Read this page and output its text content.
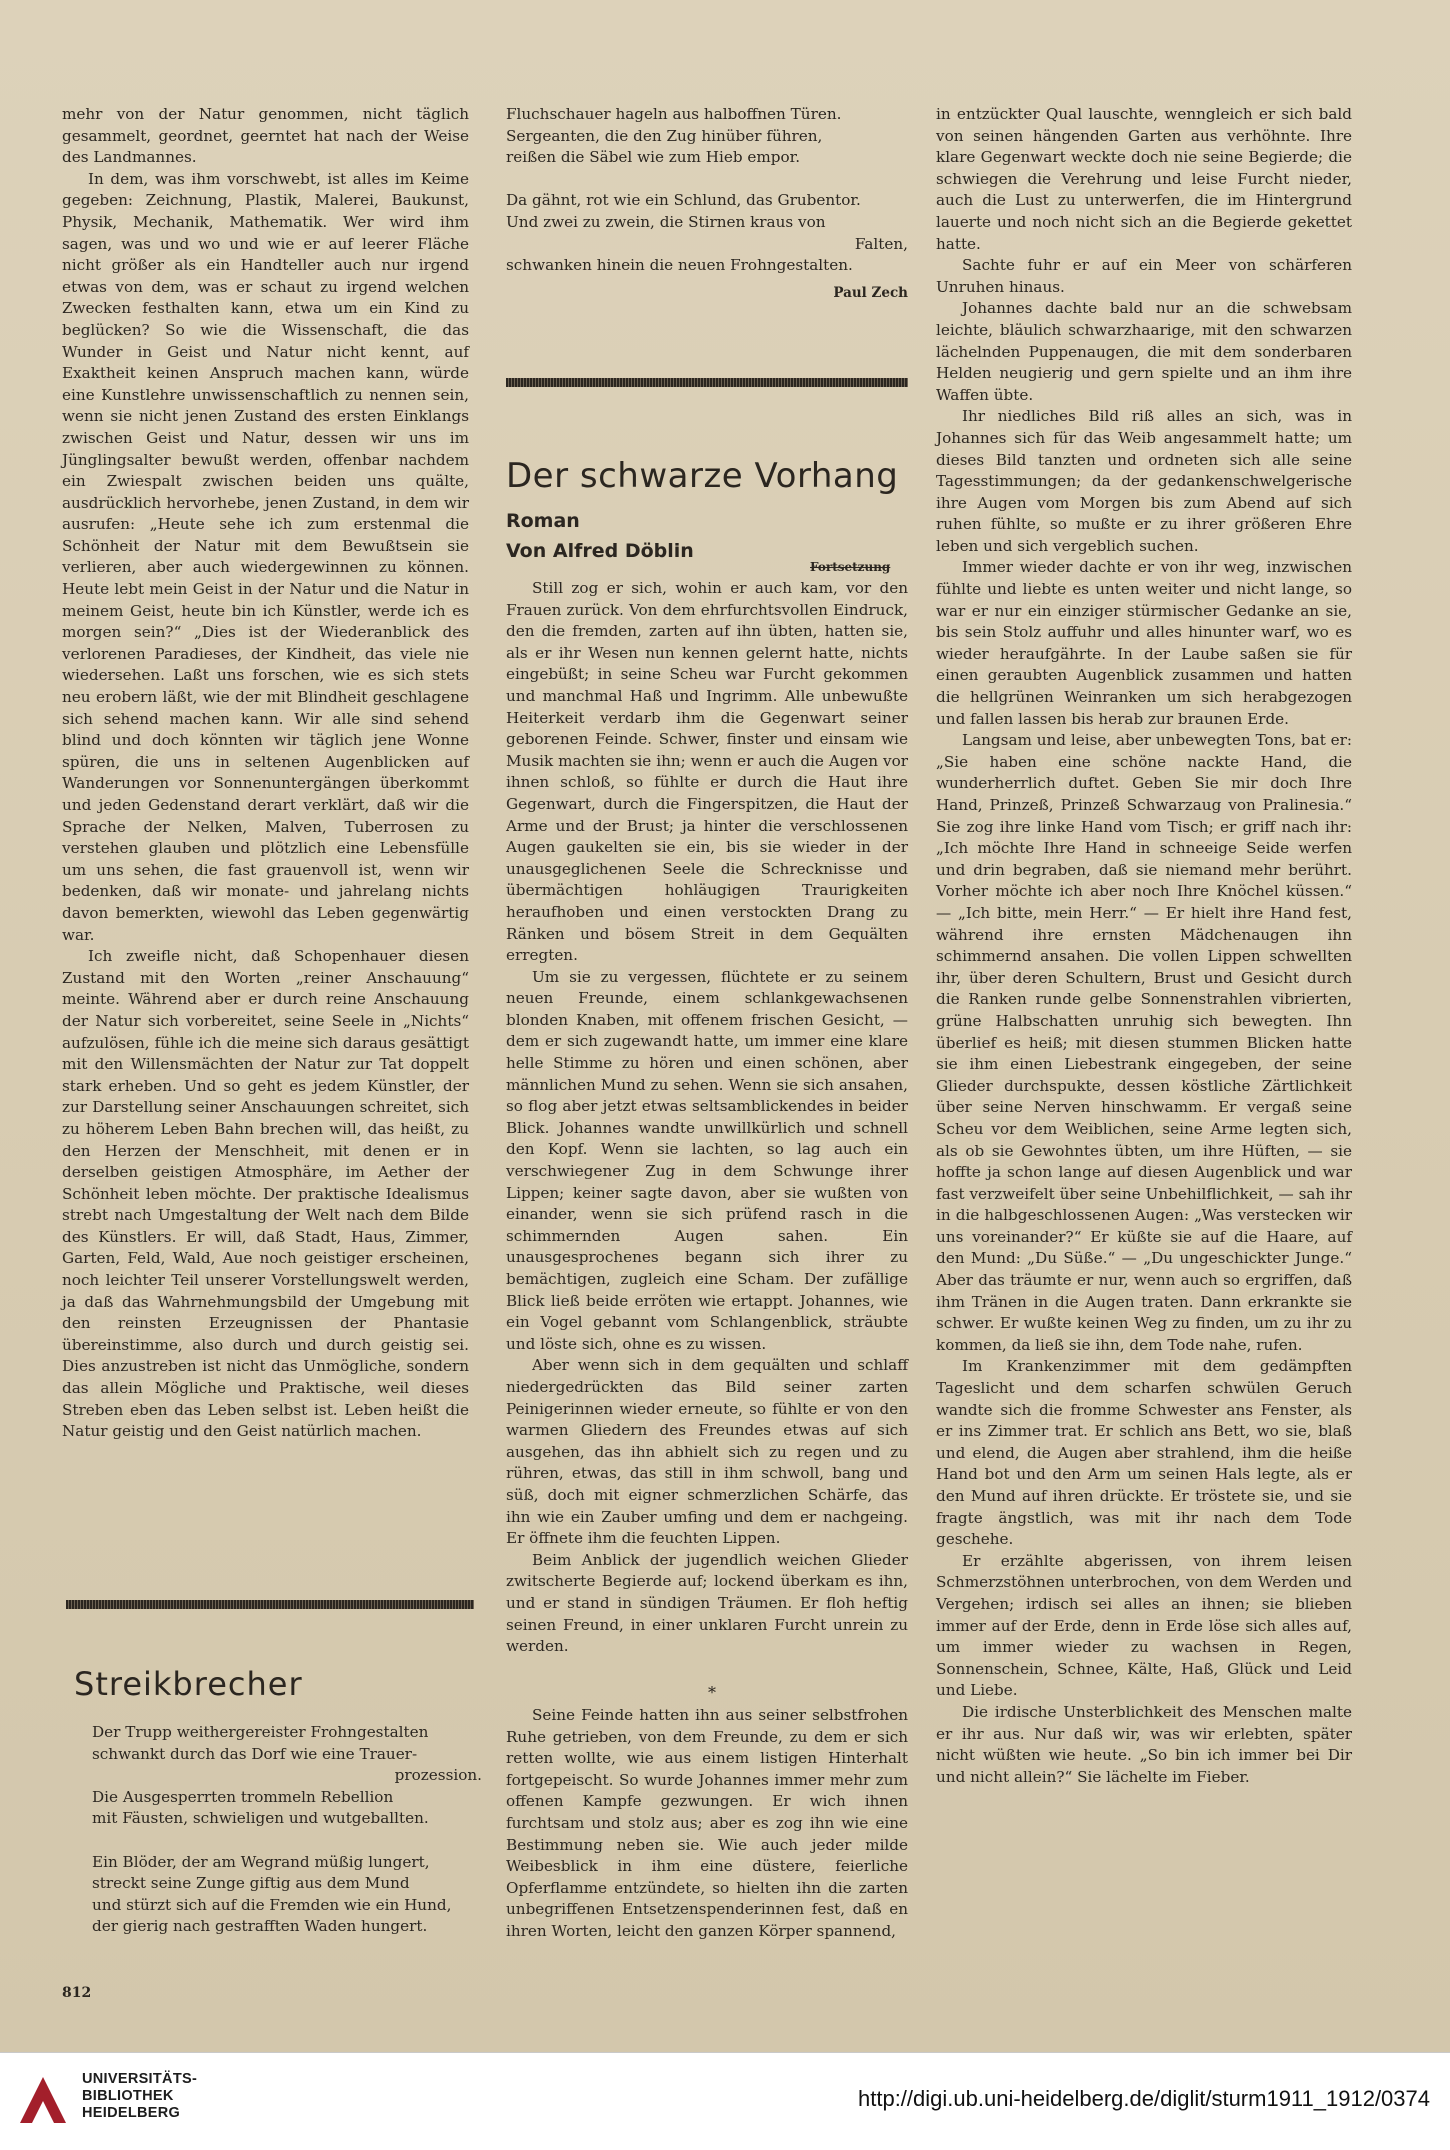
mehr von der Natur genommen, nicht täglich gesammelt, geordnet, geerntet hat nach der Weise des Landmannes.

In dem, was ihm vorschwebt, ist alles im Keime gegeben: Zeichnung, Plastik, Malerei, Baukunst, Physik, Mechanik, Mathematik. Wer wird ihm sagen, was und wo und wie er auf leerer Fläche nicht größer als ein Handteller auch nur irgend etwas von dem, was er schaut zu irgend welchen Zwecken festhalten kann, etwa um ein Kind zu beglücken? So wie die Wissenschaft, die das Wunder in Geist und Natur nicht kennt, auf Exaktheit keinen Anspruch machen kann, würde eine Kunstlehre unwissenschaftlich zu nennen sein, wenn sie nicht jenen Zustand des ersten Einklangs zwischen Geist und Natur, dessen wir uns im Jünglingsalter bewußt werden, offenbar nachdem ein Zwiespalt zwischen beiden uns quälte, ausdrücklich hervorhebe, jenen Zustand, in dem wir ausrufen: „Heute sehe ich zum erstenmal die Schönheit der Natur mit dem Bewußtsein sie verlieren, aber auch wiedergewinnen zu können. Heute lebt mein Geist in der Natur und die Natur in meinem Geist, heute bin ich Künstler, werde ich es morgen sein?“ „Dies ist der Wiederanblick des verlorenen Paradieses, der Kindheit, das viele nie wiedersehen. Laßt uns forschen, wie es sich stets neu erobern läßt, wie der mit Blindheit geschlagene sich sehend machen kann. Wir alle sind sehend blind und doch könnten wir täglich jene Wonne spüren, die uns in seltenen Augenblicken auf Wanderungen vor Sonnenuntergängen überkommt und jeden Gedenstand derart verklärt, daß wir die Sprache der Nelken, Malven, Tuberrosen zu verstehen glauben und plötzlich eine Lebensfülle um uns sehen, die fast grauenvoll ist, wenn wir bedenken, daß wir monate- und jahrelang nichts davon bemerkten, wiewohl das Leben gegenwärtig war.

Ich zweifle nicht, daß Schopenhauer diesen Zustand mit den Worten „reiner Anschauung“ meinte. Während aber er durch reine Anschauung der Natur sich vorbereitet, seine Seele in „Nichts“ aufzulösen, fühle ich die meine sich daraus gesättigt mit den Willensmächten der Natur zur Tat doppelt stark erheben. Und so geht es jedem Künstler, der zur Darstellung seiner Anschauungen schreitet, sich zu höherem Leben Bahn brechen will, das heißt, zu den Herzen der Menschheit, mit denen er in derselben geistigen Atmosphäre, im Aether der Schönheit leben möchte. Der praktische Idealismus strebt nach Umgestaltung der Welt nach dem Bilde des Künstlers. Er will, daß Stadt, Haus, Zimmer, Garten, Feld, Wald, Aue noch geistiger erscheinen, noch leichter Teil unserer Vorstellungswelt werden, ja daß das Wahrnehmungsbild der Umgebung mit den reinsten Erzeugnissen der Phantasie übereinstimme, also durch und durch geistig sei. Dies anzustreben ist nicht das Unmögliche, sondern das allein Mögliche und Praktische, weil dieses Streben eben das Leben selbst ist. Leben heißt die Natur geistig und den Geist natürlich machen.

Streikbrecher
Der Trupp weithergereister Frohngestalten
schwankt durch das Dorf wie eine Trauer-
prozession.
Die Ausgesperrten trommeln Rebellion
mit Fäusten, schwieligen und wutgeballten.
Ein Blöder, der am Wegrand müßig lungert,
streckt seine Zunge giftig aus dem Mund
und stürzt sich auf die Fremden wie ein Hund,
der gierig nach gestrafften Waden hungert.
812
Fluchschauer hageln aus halboffnen Türen.
Sergeanten, die den Zug hinüber führen,
reißen die Säbel wie zum Hieb empor.
Da gähnt, rot wie ein Schlund, das Grubentor.
Und zwei zu zwein, die Stirnen kraus von
Falten,
schwanken hinein die neuen Frohngestalten.
Paul Zech
Der schwarze Vorhang
Roman
Von Alfred Döblin
Fortsetzung

Still zog er sich, wohin er auch kam, vor den Frauen zurück. Von dem ehrfurchtsvollen Eindruck, den die fremden, zarten auf ihn übten, hatten sie, als er ihr Wesen nun kennen gelernt hatte, nichts eingebüßt; in seine Scheu war Furcht gekommen und manchmal Haß und Ingrimm. Alle unbewußte Heiterkeit verdarb ihm die Gegenwart seiner geborenen Feinde. Schwer, finster und einsam wie Musik machten sie ihn; wenn er auch die Augen vor ihnen schloß, so fühlte er durch die Haut ihre Gegenwart, durch die Fingerspitzen, die Haut der Arme und der Brust; ja hinter die verschlossenen Augen gaukelten sie ein, bis sie wieder in der unausgeglichenen Seele die Schrecknisse und übermächtigen hohläugigen Traurigkeiten heraufhoben und einen verstockten Drang zu Ränken und bösem Streit in dem Gequälten erregten.

Um sie zu vergessen, flüchtete er zu seinem neuen Freunde, einem schlankgewachsenen blonden Knaben, mit offenem frischen Gesicht, — dem er sich zugewandt hatte, um immer eine klare helle Stimme zu hören und einen schönen, aber männlichen Mund zu sehen. Wenn sie sich ansahen, so flog aber jetzt etwas seltsamblickendes in beider Blick. Johannes wandte unwillkürlich und schnell den Kopf. Wenn sie lachten, so lag auch ein verschwiegener Zug in dem Schwunge ihrer Lippen; keiner sagte davon, aber sie wußten von einander, wenn sie sich prüfend rasch in die schimmernden Augen sahen. Ein unausgesprochenes begann sich ihrer zu bemächtigen, zugleich eine Scham. Der zufällige Blick ließ beide erröten wie ertappt. Johannes, wie ein Vogel gebannt vom Schlangenblick, sträubte und löste sich, ohne es zu wissen.

Aber wenn sich in dem gequälten und schlaff niedergedrückten das Bild seiner zarten Peinigerinnen wieder erneute, so fühlte er von den warmen Gliedern des Freundes etwas auf sich ausgehen, das ihn abhielt sich zu regen und zu rühren, etwas, das still in ihm schwoll, bang und süß, doch mit eigner schmerzlichen Schärfe, das ihn wie ein Zauber umfing und dem er nachgeing. Er öffnete ihm die feuchten Lippen.

Beim Anblick der jugendlich weichen Glieder zwitscherte Begierde auf; lockend überkam es ihn, und er stand in sündigen Träumen. Er floh heftig seinen Freund, in einer unklaren Furcht unrein zu werden.

*

Seine Feinde hatten ihn aus seiner selbstfrohen Ruhe getrieben, von dem Freunde, zu dem er sich retten wollte, wie aus einem listigen Hinterhalt fortgepeischt. So wurde Johannes immer mehr zum offenen Kampfe gezwungen. Er wich ihnen furchtsam und stolz aus; aber es zog ihn wie eine Bestimmung neben sie. Wie auch jeder milde Weibesblick in ihm eine düstere, feierliche Opferflamme entzündete, so hielten ihn die zarten unbegriffenen Entsetzenspenderinnen fest, daß en ihren Worten, leicht den ganzen Körper spannend,

in entzückter Qual lauschte, wenngleich er sich bald von seinen hängenden Garten aus verhöhnte. Ihre klare Gegenwart weckte doch nie seine Begierde; die schwiegen die Verehrung und leise Furcht nieder, auch die Lust zu unterwerfen, die im Hintergrund lauerte und noch nicht sich an die Begierde gekettet hatte.

Sachte fuhr er auf ein Meer von schärferen Unruhen hinaus.

Johannes dachte bald nur an die schwebsam leichte, bläulich schwarzhaarige, mit den schwarzen lächelnden Puppenaugen, die mit dem sonderbaren Helden neugierig und gern spielte und an ihm ihre Waffen übte.

Ihr niedliches Bild riß alles an sich, was in Johannes sich für das Weib angesammelt hatte; um dieses Bild tanzten und ordneten sich alle seine Tagesstimmungen; da der gedankenschwelgerische ihre Augen vom Morgen bis zum Abend auf sich ruhen fühlte, so mußte er zu ihrer größeren Ehre leben und sich vergeblich suchen.

Immer wieder dachte er von ihr weg, inzwischen fühlte und liebte es unten weiter und nicht lange, so war er nur ein einziger stürmischer Gedanke an sie, bis sein Stolz auffuhr und alles hinunter warf, wo es wieder heraufgährte. In der Laube saßen sie für einen geraubten Augenblick zusammen und hatten die hellgrünen Weinranken um sich herabgezogen und fallen lassen bis herab zur braunen Erde.

Langsam und leise, aber unbewegten Tons, bat er: „Sie haben eine schöne nackte Hand, die wunderherrlich duftet. Geben Sie mir doch Ihre Hand, Prinzeß, Prinzeß Schwarzaug von Pralinesia.“ Sie zog ihre linke Hand vom Tisch; er griff nach ihr: „Ich möchte Ihre Hand in schneeige Seide werfen und drin begraben, daß sie niemand mehr berührt. Vorher möchte ich aber noch Ihre Knöchel küssen.“ — „Ich bitte, mein Herr.“ — Er hielt ihre Hand fest, während ihre ernsten Mädchenaugen ihn schimmernd ansahen. Die vollen Lippen schwellten ihr, über deren Schultern, Brust und Gesicht durch die Ranken runde gelbe Sonnenstrahlen vibrierten, grüne Halbschatten unruhig sich bewegten. Ihn überlief es heiß; mit diesen stummen Blicken hatte sie ihm einen Liebestrank eingegeben, der seine Glieder durchspukte, dessen köstliche Zärtlichkeit über seine Nerven hinschwamm. Er vergaß seine Scheu vor dem Weiblichen, seine Arme legten sich, als ob sie Gewohntes übten, um ihre Hüften, — sie hoffte ja schon lange auf diesen Augenblick und war fast verzweifelt über seine Unbehilflichkeit, — sah ihr in die halbgeschlossenen Augen: „Was verstecken wir uns voreinander?“ Er küßte sie auf die Haare, auf den Mund: „Du Süße.“ — „Du ungeschickter Junge.“ Aber das träumte er nur, wenn auch so ergriffen, daß ihm Tränen in die Augen traten. Dann erkrankte sie schwer. Er wußte keinen Weg zu finden, um zu ihr zu kommen, da ließ sie ihn, dem Tode nahe, rufen.

Im Krankenzimmer mit dem gedämpften Tageslicht und dem scharfen schwülen Geruch wandte sich die fromme Schwester ans Fenster, als er ins Zimmer trat. Er schlich ans Bett, wo sie, blaß und elend, die Augen aber strahlend, ihm die heiße Hand bot und den Arm um seinen Hals legte, als er den Mund auf ihren drückte. Er tröstete sie, und sie fragte ängstlich, was mit ihr nach dem Tode geschehe.

Er erzählte abgerissen, von ihrem leisen Schmerzstöhnen unterbrochen, von dem Werden und Vergehen; irdisch sei alles an ihnen; sie blieben immer auf der Erde, denn in Erde löse sich alles auf, um immer wieder zu wachsen in Regen, Sonnenschein, Schnee, Kälte, Haß, Glück und Leid und Liebe.

Die irdische Unsterblichkeit des Menschen malte er ihr aus. Nur daß wir, was wir erlebten, später nicht wüßten wie heute. „So bin ich immer bei Dir und nicht allein?“ Sie lächelte im Fieber.

UNIVERSITÄTS-
BIBLIOTHEK
HEIDELBERG
http://digi.ub.uni-heidelberg.de/diglit/sturm1911_1912/0374
